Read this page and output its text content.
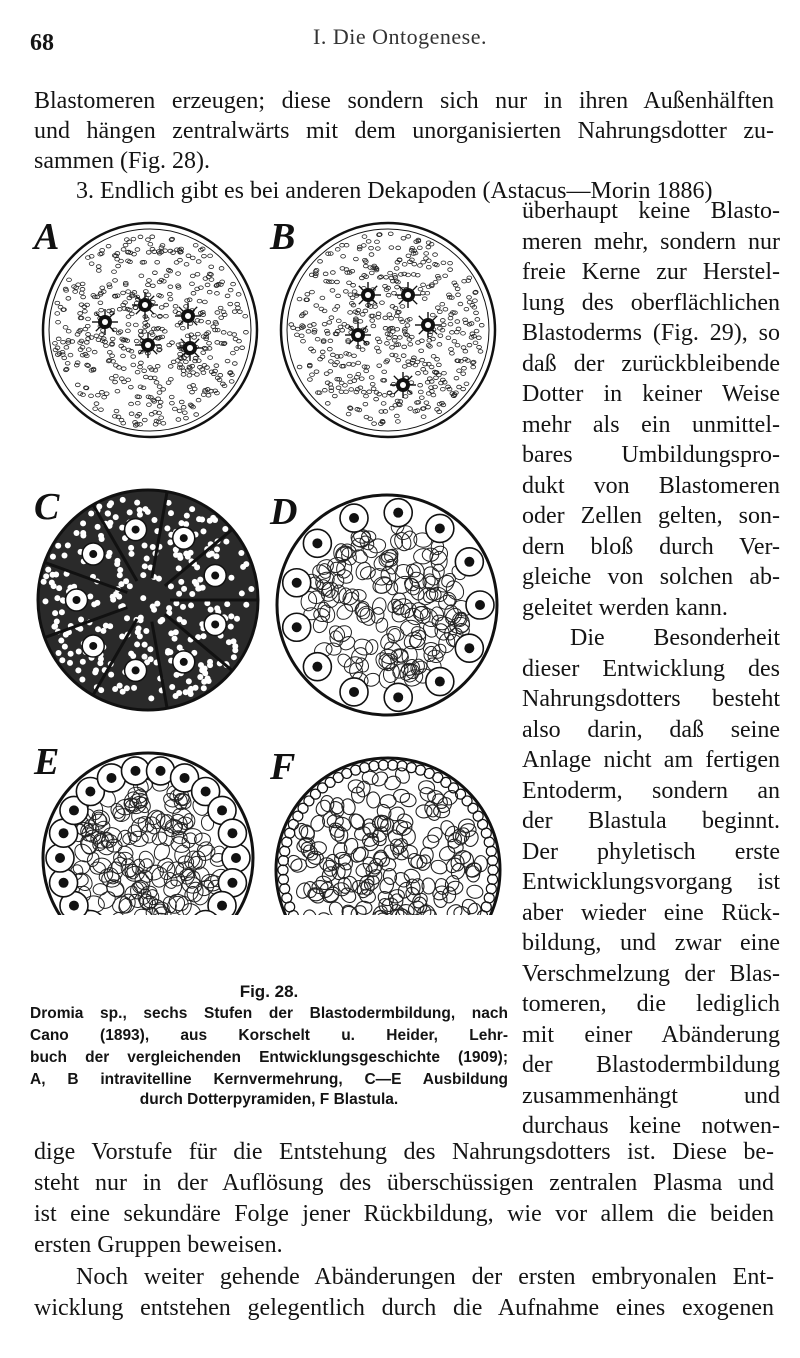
68	I. Die Ontogenese.
Blastomeren erzeugen; diese sondern sich nur in ihren Außenhälften
und hängen zentralwärts mit dem unorganisierten Nahrungsdotter zu-
sammen (Fig. 28).
3. Endlich gibt es bei anderen Dekapoden (Astacus—Morin 1886)
überhaupt keine Blasto-
meren mehr, sondern nur
freie Kerne zur Herstel-
lung des oberflächlichen
Blastoderms (Fig. 29), so
daß der zurückbleibende
Dotter in keiner Weise
mehr als ein unmittel-
bares Umbildungspro-
dukt von Blastomeren
oder Zellen gelten, son-
dern bloß durch Ver-
gleiche von solchen ab-
geleitet werden kann.
Die Besonderheit
dieser Entwicklung des
Nahrungsdotters besteht
also darin, daß seine
Anlage nicht am fertigen
Entoderm, sondern an
der Blastula beginnt.
Der phyletisch erste
Entwicklungsvorgang ist
aber wieder eine Rück-
bildung, und zwar eine
Verschmelzung der Blas-
tomeren, die lediglich
mit einer Abänderung
der Blastodermbildung
zusammenhängt und
durchaus keine notwen-
dige Vorstufe für die Entstehung des Nahrungsdotters ist. Diese be-
steht nur in der Auflösung des überschüssigen zentralen Plasma und
ist eine sekundäre Folge jener Rückbildung, wie vor allem die beiden
ersten Gruppen beweisen.
Noch weiter gehende Abänderungen der ersten embryonalen Ent-
wicklung entstehen gelegentlich durch die Aufnahme eines exogenen
A	B
C	D
E	F
Fig. 28.
Dromia sp., sechs Stufen der Blastodermbildung, nach
Cano (1893), aus Korschelt u. Heider, Lehr-
buch der vergleichenden Entwicklungsgeschichte (1909);
A, B intravitelline Kernvermehrung, C—E Ausbildung
durch Dotterpyramiden, F Blastula.
